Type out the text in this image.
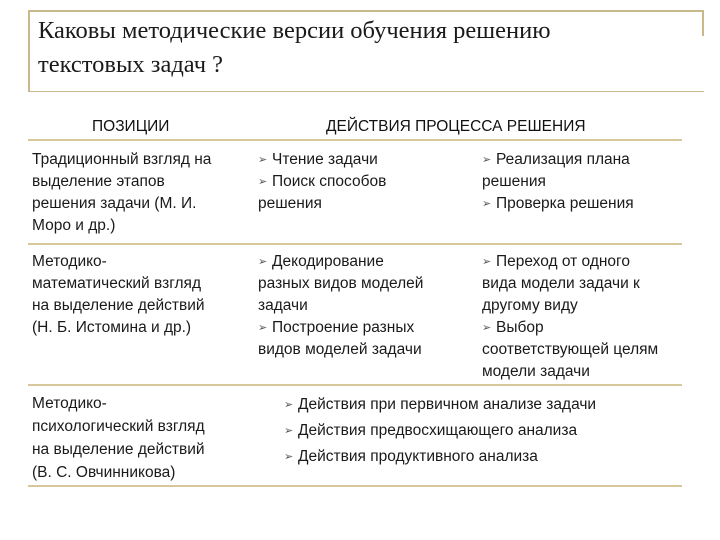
Каковы методические версии обучения решению
текстовых задач ?
ПОЗИЦИИ	ДЕЙСТВИЯ ПРОЦЕССА РЕШЕНИЯ
Традиционный взгляд на
выделение этапов
решения задачи (М. И.
Моро и др.)
➢ Чтение задачи
➢ Поиск способов
решения
➢ Реализация плана
решения
➢ Проверка решения
Методико-
математический взгляд
на выделение действий
(Н. Б. Истомина и др.)
➢ Декодирование
разных видов моделей
задачи
➢ Построение разных
видов моделей задачи
➢ Переход от одного
вида модели задачи к
другому виду
➢ Выбор
соответствующей целям
модели задачи
Методико-
психологический взгляд
на выделение действий
(В. С. Овчинникова)
➢ Действия при первичном анализе задачи
➢ Действия предвосхищающего анализа
➢ Действия продуктивного анализа
